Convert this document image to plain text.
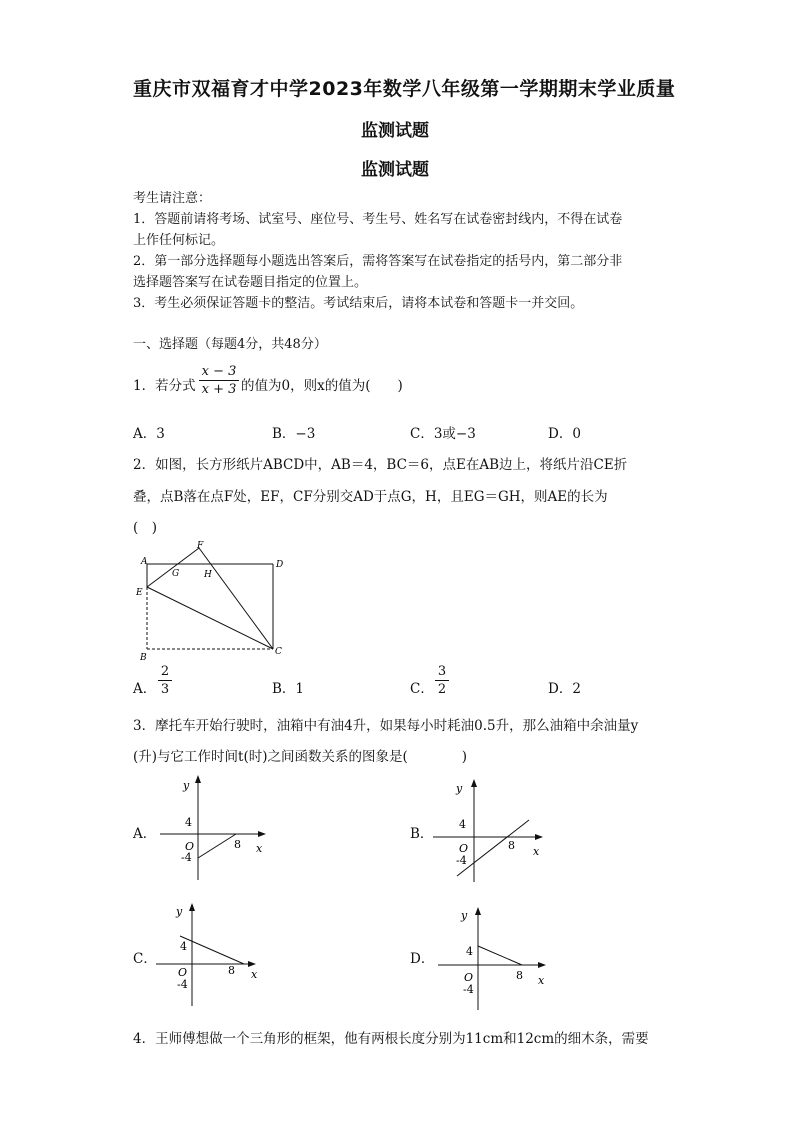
重庆市双福育才中学2023年数学八年级第一学期期末学业质量
监测试题
监测试题
考生请注意：
1．答题前请将考场、试室号、座位号、考生号、姓名写在试卷密封线内，不得在试卷
上作任何标记。
2．第一部分选择题每小题选出答案后，需将答案写在试卷指定的括号内，第二部分非
选择题答案写在试卷题目指定的位置上。
3．考生必须保证答题卡的整洁。考试结束后，请将本试卷和答题卡一并交回。
一、选择题（每题4分，共48分）
1．若分式
x − 3
x + 3 的值为0，则x的值为(　　)
A．3	B．−3	C．3或−3	D．0
2．如图，长方形纸片ABCD中，AB＝4，BC＝6，点E在AB边上，将纸片沿CE折
叠，点B落在点F处，EF，CF分别交AD于点G，H，且EG＝GH，则AE的长为
(　)
A	D
E
B
C
F
G	H
A．
2
3	B．1	C．
3
2	D．2
3．摩托车开始行驶时，油箱中有油4升，如果每小时耗油0.5升，那么油箱中余油量y
(升)与它工作时间t(时)之间函数关系的图象是(　　　　)
A．
y
4
O
-4
8 x
B．
y
4
O
-4
8 x
C．
y
4
O
-4
8 x
D．
y
4
O
-4
8 x
4．王师傅想做一个三角形的框架，他有两根长度分别为11cm和12cm的细木条，需要
